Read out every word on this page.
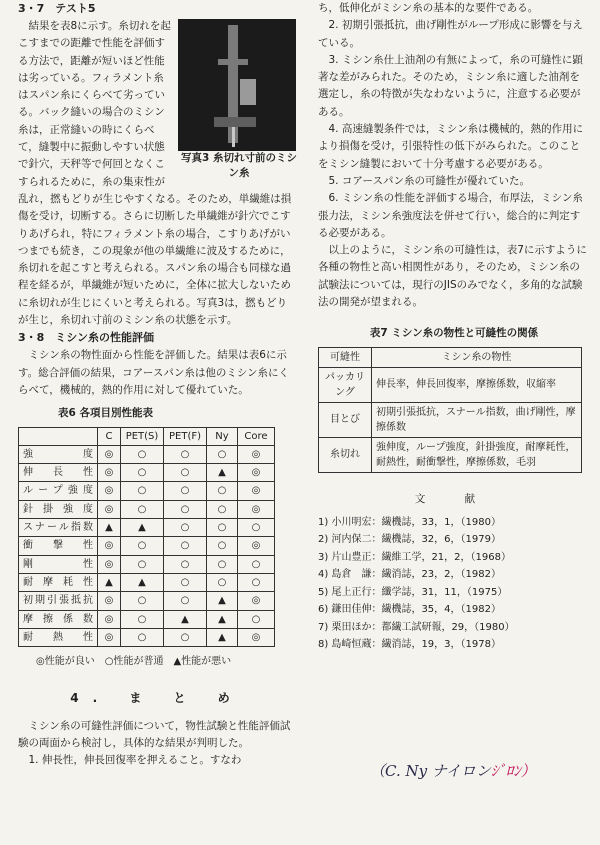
3・7　テスト5
写真3 糸切れ寸前のミシン糸

結果を表8に示す。糸切れを起こすまでの距離で性能を評価する方法で，距離が短いほど性能は劣っている。フィラメント糸はスパン糸にくらべて劣っている。バック縫いの場合のミシン糸は，正常縫いの時にくらべて，縫製中に振動しやすい状態で針穴，天秤等で何回となくこすられるために，糸の集束性が乱れ，撚もどりが生じやすくなる。そのため，単繊維は損傷を受け，切断する。さらに切断した単繊維が針穴でこすりあげられ，特にフィラメント糸の場合，こすりあげがいつまでも続き，この現象が他の単繊維に波及するために，糸切れを起こすと考えられる。スパン糸の場合も同様な過程を経るが，単繊維が短いために，全体に拡大しないために糸切れが生じにくいと考えられる。写真3は，撚もどりが生じ，糸切れ寸前のミシン糸の状態を示す。

3・8　ミシン糸の性能評価

ミシン糸の物性面から性能を評価した。結果は表6に示す。総合評価の結果，コアースパン糸は他のミシン糸にくらべて，機械的，熱的作用に対して優れていた。

表6 各項目別性能表
	C	PET(S)	PET(F)	Ny	Core
強度	◎	○	○	○	◎
伸長性	◎	○	○	▲	◎
ループ強度	◎	○	○	○	◎
針掛強度	◎	○	○	○	◎
スナール指数	▲	▲	○	○	○
衝撃性	◎	○	○	○	◎
剛性	◎	○	○	○	○
耐摩耗性	▲	▲	○	○	○
初期引張抵抗	◎	○	○	▲	◎
摩擦係数	◎	○	▲	▲	○
耐熱性	◎	○	○	▲	◎
◎性能が良い　○性能が普通　▲性能が悪い
4. ま と め

ミシン糸の可縫性評価について，物性試験と性能評価試験の両面から検討し，具体的な結果が判明した。

1. 伸長性，伸長回復率を押えること。すなわ

ち，低伸化がミシン糸の基本的な要件である。

2. 初期引張抵抗，曲げ剛性がループ形成に影響を与えている。

3. ミシン糸仕上油剤の有無によって，糸の可縫性に顕著な差がみられた。そのため，ミシン糸に適した油剤を選定し，糸の特徴が失なわないように，注意する必要がある。

4. 高速縫製条件では，ミシン糸は機械的，熱的作用により損傷を受け，引張特性の低下がみられた。このことをミシン縫製において十分考慮する必要がある。

5. コアースパン糸の可縫性が優れていた。

6. ミシン糸の性能を評価する場合，布厚法，ミシン糸張力法，ミシン糸強度法を併せて行い，総合的に判定する必要がある。

以上のように，ミシン糸の可縫性は，表7に示すように各種の物性と高い相関性があり，そのため，ミシン糸の試験法については，現行のJISのみでなく，多角的な試験法の開発が望まれる。

表7 ミシン糸の物性と可縫性の関係
可縫性	ミシン糸の物性
パッカリング	伸長率，伸長回復率，摩擦係数，収縮率
目とび	初期引張抵抗，スナール指数，曲げ剛性，摩擦係数
糸切れ	強伸度，ループ強度，針掛強度，耐摩耗性，耐熱性，耐衝撃性，摩擦係数，毛羽
文 献
1) 小川明宏：繊機誌，33，1，（1980）
2) 河内保二：繊機誌，32，6，（1979）
3) 片山豊正：繊維工学，21，2，（1968）
4) 島倉　謙：繊消誌，23，2，（1982）
5) 尾上正行：纖学誌，31，11，（1975）
6) 鎌田佳伸：繊機誌，35，4，（1982）
7) 栗田ほか：都繊工試研報，29，（1980）
8) 島崎恒蔵：繊消誌，19，3，（1978）
（C. Ny ナイロンｼﾞﾛﾝ）
